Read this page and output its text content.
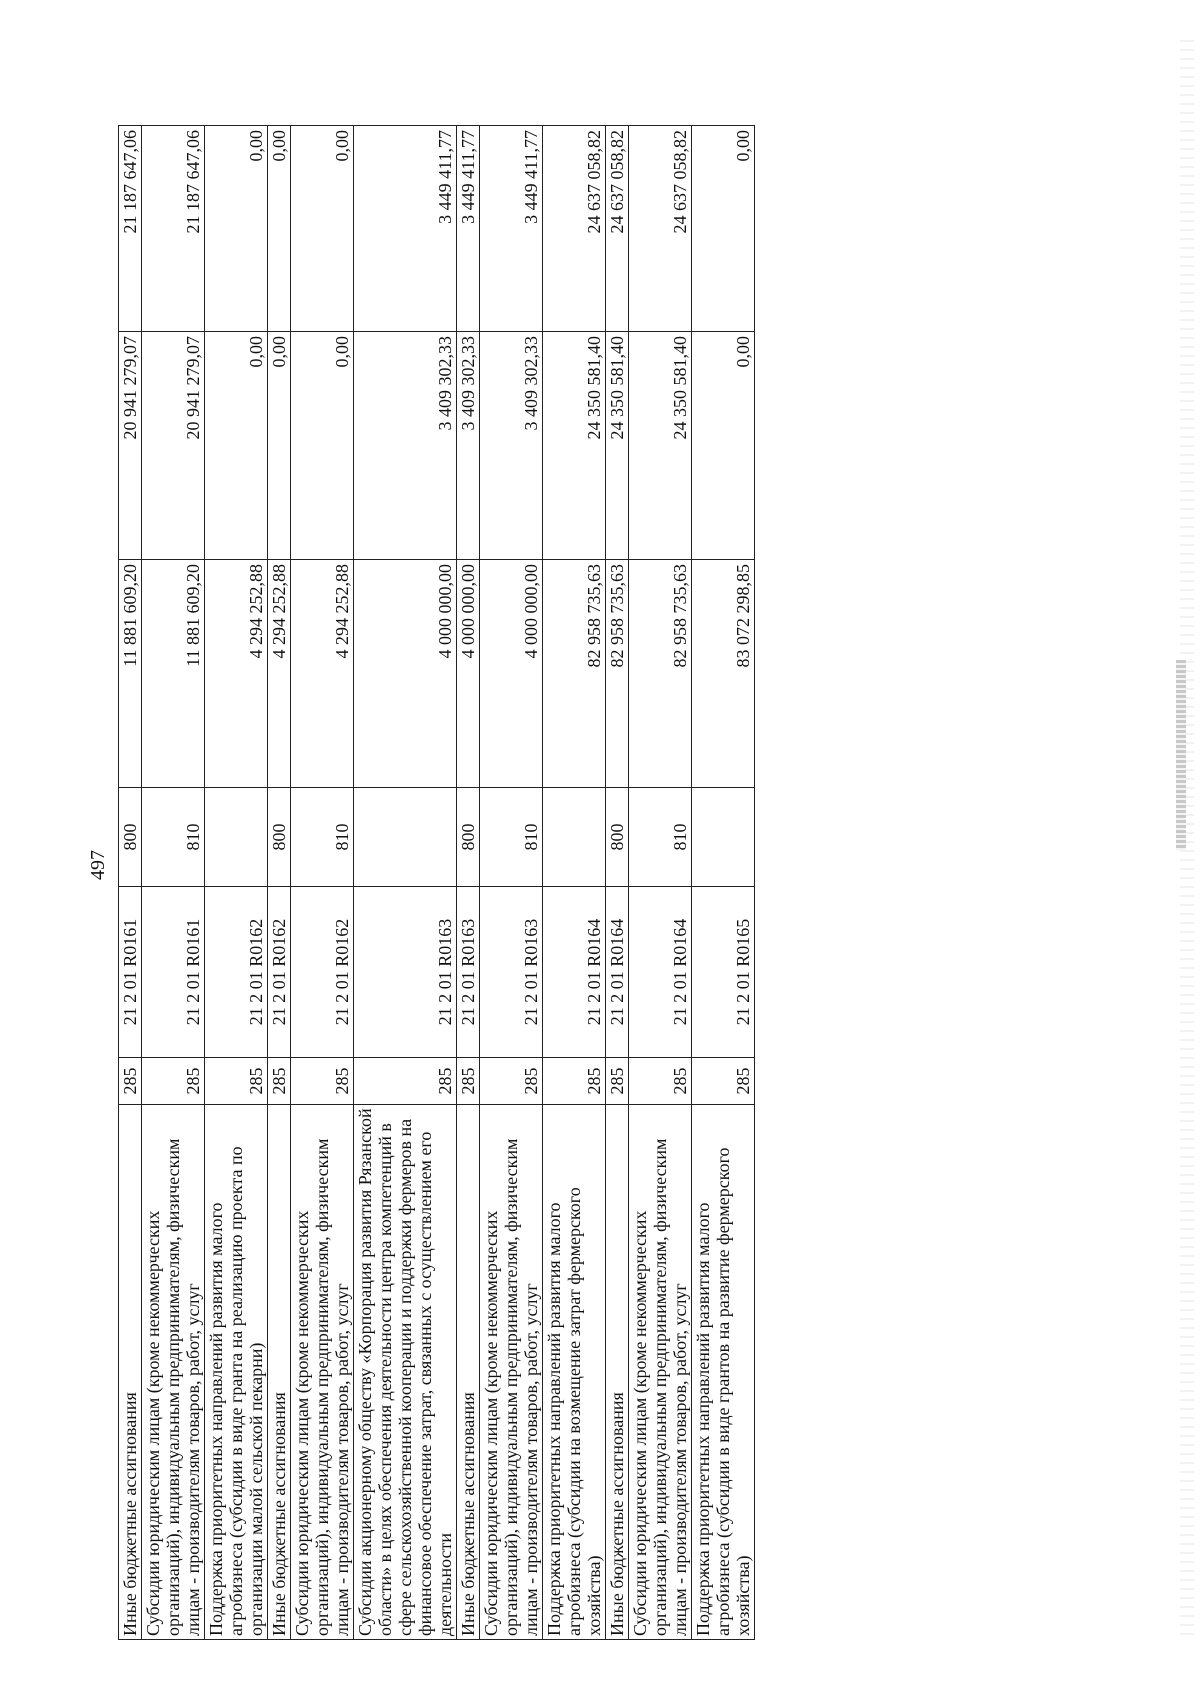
497
Иные бюджетные ассигнования	285	21 2 01 R0161	800	11 881 609,20	20 941 279,07	21 187 647,06
Субсидии юридическим лицам (кроме некоммерческих организаций), индивидуальным предпринимателям, физическим лицам - производителям товаров, работ, услуг	285	21 2 01 R0161	810	11 881 609,20	20 941 279,07	21 187 647,06
Поддержка приоритетных направлений развития малого агробизнеса (субсидии в виде гранта на реализацию проекта по организации малой сельской пекарни)	285	21 2 01 R0162		4 294 252,88	0,00	0,00
Иные бюджетные ассигнования	285	21 2 01 R0162	800	4 294 252,88	0,00	0,00
Субсидии юридическим лицам (кроме некоммерческих организаций), индивидуальным предпринимателям, физическим лицам - производителям товаров, работ, услуг	285	21 2 01 R0162	810	4 294 252,88	0,00	0,00
Субсидии акционерному обществу «Корпорация развития Рязанской области» в целях обеспечения деятельности центра компетенций в сфере сельскохозяйственной кооперации и поддержки фермеров на финансовое обеспечение затрат, связанных с осуществлением его деятельности	285	21 2 01 R0163		4 000 000,00	3 409 302,33	3 449 411,77
Иные бюджетные ассигнования	285	21 2 01 R0163	800	4 000 000,00	3 409 302,33	3 449 411,77
Субсидии юридическим лицам (кроме некоммерческих организаций), индивидуальным предпринимателям, физическим лицам - производителям товаров, работ, услуг	285	21 2 01 R0163	810	4 000 000,00	3 409 302,33	3 449 411,77
Поддержка приоритетных направлений развития малого агробизнеса (субсидии на возмещение затрат фермерского хозяйства)	285	21 2 01 R0164		82 958 735,63	24 350 581,40	24 637 058,82
Иные бюджетные ассигнования	285	21 2 01 R0164	800	82 958 735,63	24 350 581,40	24 637 058,82
Субсидии юридическим лицам (кроме некоммерческих организаций), индивидуальным предпринимателям, физическим лицам - производителям товаров, работ, услуг	285	21 2 01 R0164	810	82 958 735,63	24 350 581,40	24 637 058,82
Поддержка приоритетных направлений развития малого агробизнеса (субсидии в виде грантов на развитие фермерского хозяйства)	285	21 2 01 R0165		83 072 298,85	0,00	0,00
